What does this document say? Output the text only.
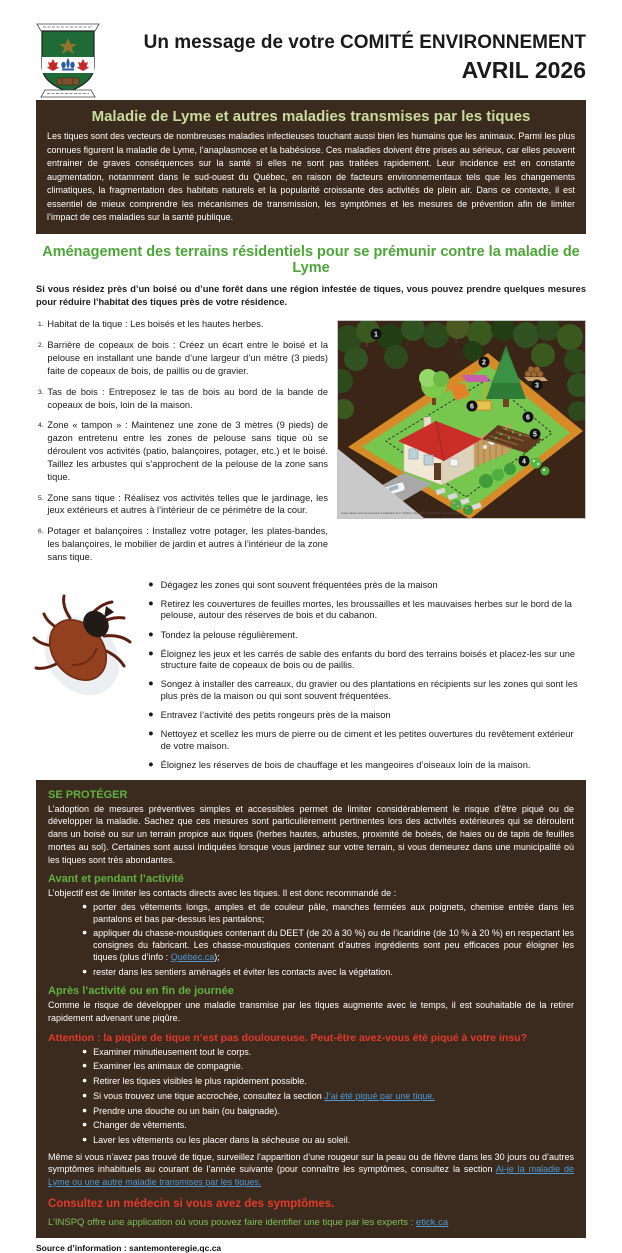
Un message de votre COMITÉ ENVIRONNEMENT
AVRIL 2026
Maladie de Lyme et autres maladies transmises par les tiques

Les tiques sont des vecteurs de nombreuses maladies infectieuses touchant aussi bien les humains que les animaux. Parmi les plus connues figurent la maladie de Lyme, l’anaplasmose et la babésiose. Ces maladies doivent être prises au sérieux, car elles peuvent entrainer de graves conséquences sur la santé si elles ne sont pas traitées rapidement. Leur incidence est en constante augmentation, notamment dans le sud-ouest du Québec, en raison de facteurs environnementaux tels que les changements climatiques, la fragmentation des habitats naturels et la popularité croissante des activités de plein air. Dans ce contexte, il est essentiel de mieux comprendre les mécanismes de transmission, les symptômes et les mesures de prévention afin de limiter l’impact de ces maladies sur la santé publique.

Aménagement des terrains résidentiels pour se prémunir contre la maladie de Lyme
Si vous résidez près d’un boisé ou d’une forêt dans une région infestée de tiques, vous pouvez prendre quelques mesures pour réduire l’habitat des tiques près de votre résidence.
1. Habitat de la tique : Les boisés et les hautes herbes.
2. Barrière de copeaux de bois : Créez un écart entre le boisé et la pelouse en installant une bande d’une largeur d’un mètre (3 pieds) faite de copeaux de bois, de paillis ou de gravier.
3. Tas de bois : Entreposez le tas de bois au bord de la bande de copeaux de bois, loin de la maison.
4. Zone « tampon » : Maintenez une zone de 3 mètres (9 pieds) de gazon entretenu entre les zones de pelouse sans tique où se déroulent vos activités (patio, balançoires, potager, etc.) et le boisé. Taillez les arbustes qui s’approchent de la pelouse de la zone sans tique.
5. Zone sans tique : Réalisez vos activités telles que le jardinage, les jeux extérieurs et autres à l’intérieur de ce périmètre de la cour.
6. Potager et balançoires : Installez votre potager, les plates-bandes, les balançoires, le mobilier de jardin et autres à l’intérieur de la zone sans tique.
1
2
3
6
6
5
4
Image utilisée avec la permission et adaptation de K. Stafford, Connecticut Agricultural Experiment Station
● Dégagez les zones qui sont souvent fréquentées près de la maison
● Retirez les couvertures de feuilles mortes, les broussailles et les mauvaises herbes sur le bord de la pelouse, autour des réserves de bois et du cabanon.
● Tondez la pelouse régulièrement.
● Éloignez les jeux et les carrés de sable des enfants du bord des terrains boisés et placez-les sur une structure faite de copeaux de bois ou de paillis.
● Songez à installer des carreaux, du gravier ou des plantations en récipients sur les zones qui sont les plus près de la maison ou qui sont souvent fréquentées.
● Entravez l’activité des petits rongeurs près de la maison
● Nettoyez et scellez les murs de pierre ou de ciment et les petites ouvertures du revêtement extérieur de votre maison.
● Éloignez les réserves de bois de chauffage et les mangeoires d’oiseaux loin de la maison.
SE PROTÉGER

L’adoption de mesures préventives simples et accessibles permet de limiter considérablement le risque d’être piqué ou de développer la maladie. Sachez que ces mesures sont particulièrement pertinentes lors des activités extérieures qui se déroulent dans un boisé ou sur un terrain propice aux tiques (herbes hautes, arbustes, proximité de boisés, de haies ou de tapis de feuilles mortes au sol). Certaines sont aussi indiquées lorsque vous jardinez sur votre terrain, si vous demeurez dans une municipalité où les tiques sont très abondantes.

Avant et pendant l’activité

L’objectif est de limiter les contacts directs avec les tiques. Il est donc recommandé de :

● porter des vêtements longs, amples et de couleur pâle, manches fermées aux poignets, chemise entrée dans les pantalons et bas par-dessus les pantalons;
● appliquer du chasse-moustiques contenant du DEET (de 20 à 30 %) ou de l’icaridine (de 10 % à 20 %) en respectant les consignes du fabricant. Les chasse-moustiques contenant d’autres ingrédients sont peu efficaces pour éloigner les tiques (plus d’info : Québec.ca);
● rester dans les sentiers aménagés et éviter les contacts avec la végétation.
Après l’activité ou en fin de journée

Comme le risque de développer une maladie transmise par les tiques augmente avec le temps, il est souhaitable de la retirer rapidement advenant une piqûre.

Attention : la piqûre de tique n’est pas douloureuse. Peut-être avez-vous été piqué à votre insu?
● Examiner minutieusement tout le corps.
● Examiner les animaux de compagnie.
● Retirer les tiques visibles le plus rapidement possible.
● Si vous trouvez une tique accrochée, consultez la section J’ai été piqué par une tique.
● Prendre une douche ou un bain (ou baignade).
● Changer de vêtements.
● Laver les vêtements ou les placer dans la sécheuse ou au soleil.

Même si vous n’avez pas trouvé de tique, surveillez l’apparition d’une rougeur sur la peau ou de fièvre dans les 30 jours ou d’autres symptômes inhabituels au courant de l’année suivante (pour connaître les symptômes, consultez la section Ai-je la maladie de Lyme ou une autre maladie transmises par les tiques.

Consultez un médecin si vous avez des symptômes.
L’INSPQ offre une application où vous pouvez faire identifier une tique par les experts : etick.ca
Source d’information : santemonteregie.qc.ca
